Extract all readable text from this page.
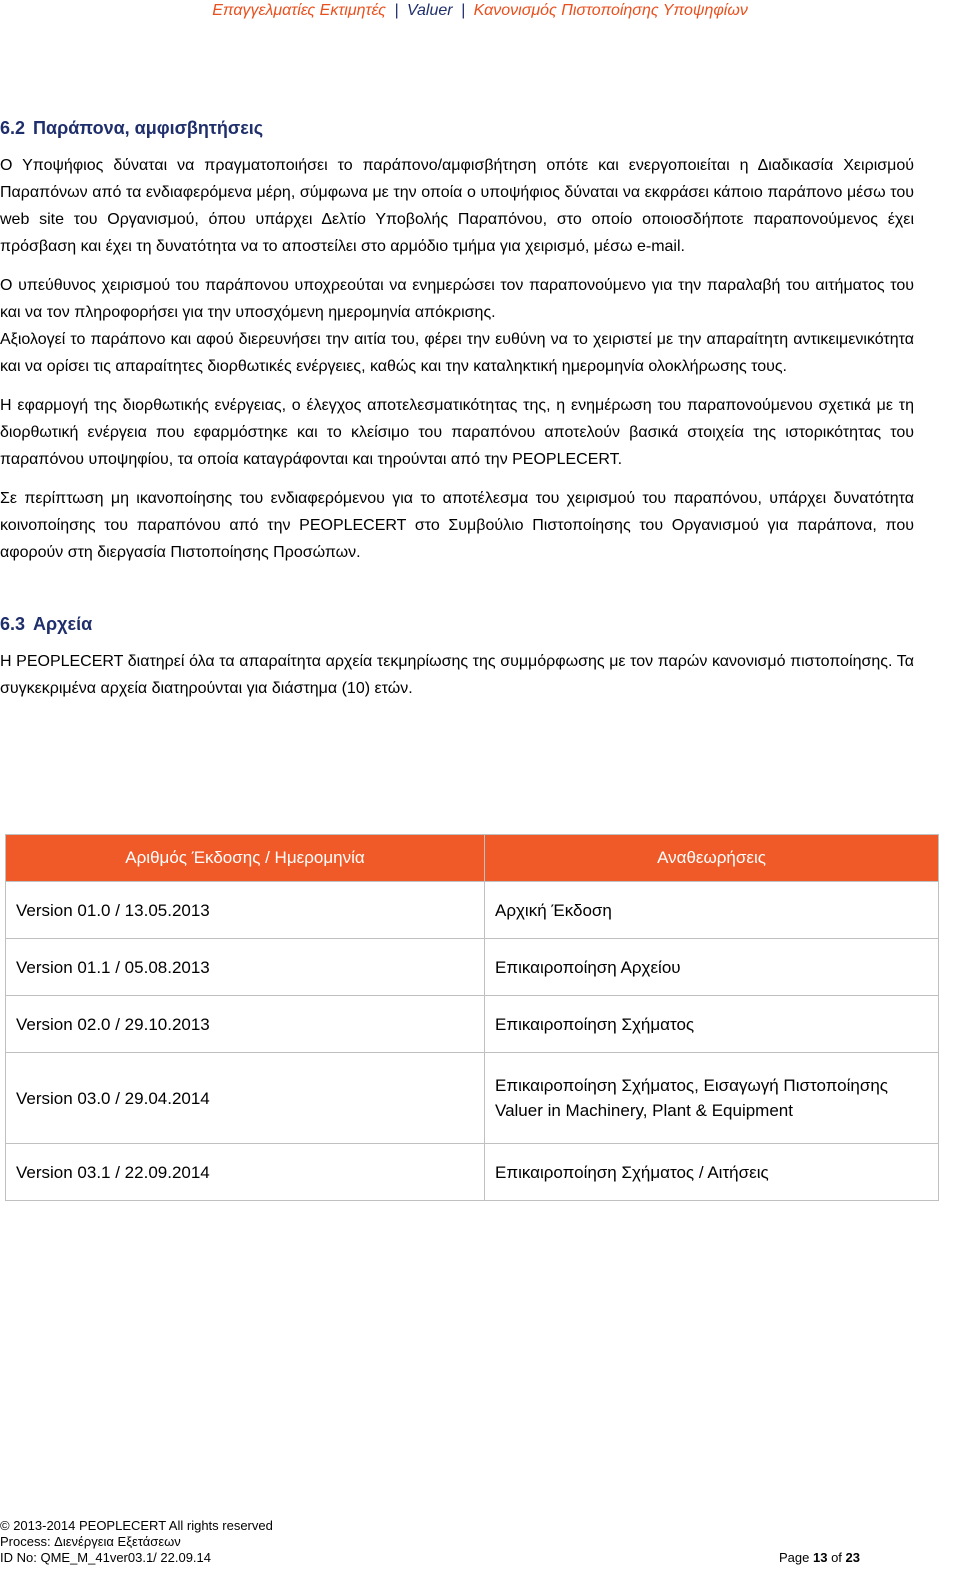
Επαγγελματίες Εκτιμητές | Valuer | Κανονισμός Πιστοποίησης Υποψηφίων
6.2 Παράπονα, αμφισβητήσεις

Ο Υποψήφιος δύναται να πραγματοποιήσει το παράπονο/αμφισβήτηση οπότε και ενεργοποιείται η Διαδικασία Χειρισμού Παραπόνων από τα ενδιαφερόμενα μέρη, σύμφωνα με την οποία ο υποψήφιος δύναται να εκφράσει κάποιο παράπονο μέσω του web site του Οργανισμού, όπου υπάρχει Δελτίο Υποβολής Παραπόνου, στο οποίο οποιοσδήποτε παραπονούμενος έχει πρόσβαση και έχει τη δυνατότητα να το αποστείλει στο αρμόδιο τμήμα για χειρισμό, μέσω e-mail.

Ο υπεύθυνος χειρισμού του παράπονου υποχρεούται να ενημερώσει τον παραπονούμενο για την παραλαβή του αιτήματος του και να τον πληροφορήσει για την υποσχόμενη ημερομηνία απόκρισης.

Αξιολογεί το παράπονο και αφού διερευνήσει την αιτία του, φέρει την ευθύνη να το χειριστεί με την απαραίτητη αντικειμενικότητα και να ορίσει τις απαραίτητες διορθωτικές ενέργειες, καθώς και την καταληκτική ημερομηνία ολοκλήρωσης τους.

Η εφαρμογή της διορθωτικής ενέργειας, ο έλεγχος αποτελεσματικότητας της, η ενημέρωση του παραπονούμενου σχετικά με τη διορθωτική ενέργεια που εφαρμόστηκε και το κλείσιμο του παραπόνου αποτελούν βασικά στοιχεία της ιστορικότητας του παραπόνου υποψηφίου, τα οποία καταγράφονται και τηρούνται από την PEOPLECERT.

Σε περίπτωση μη ικανοποίησης του ενδιαφερόμενου για το αποτέλεσμα του χειρισμού του παραπόνου, υπάρχει δυνατότητα κοινοποίησης του παραπόνου από την PEOPLECERT στο Συμβούλιο Πιστοποίησης του Οργανισμού για παράπονα, που αφορούν στη διεργασία Πιστοποίησης Προσώπων.

6.3 Αρχεία

Η PEOPLECERT διατηρεί όλα τα απαραίτητα αρχεία τεκμηρίωσης της συμμόρφωσης με τον παρών κανονισμό πιστοποίησης. Τα συγκεκριμένα αρχεία διατηρούνται για διάστημα (10) ετών.

Αριθμός Έκδοσης / Ημερομηνία	Αναθεωρήσεις
Version 01.0 / 13.05.2013	Αρχική Έκδοση
Version 01.1 / 05.08.2013	Επικαιροποίηση Αρχείου
Version 02.0 / 29.10.2013	Επικαιροποίηση Σχήματος
Version 03.0 / 29.04.2014	Επικαιροποίηση Σχήματος, Εισαγωγή Πιστοποίησης Valuer in Machinery, Plant & Equipment
Version 03.1 / 22.09.2014	Επικαιροποίηση Σχήματος / Αιτήσεις
© 2013-2014 PEOPLECERT All rights reserved
Process: Διενέργεια Εξετάσεων
ID No: QME_M_41ver03.1/ 22.09.14	Page 13 of 23
